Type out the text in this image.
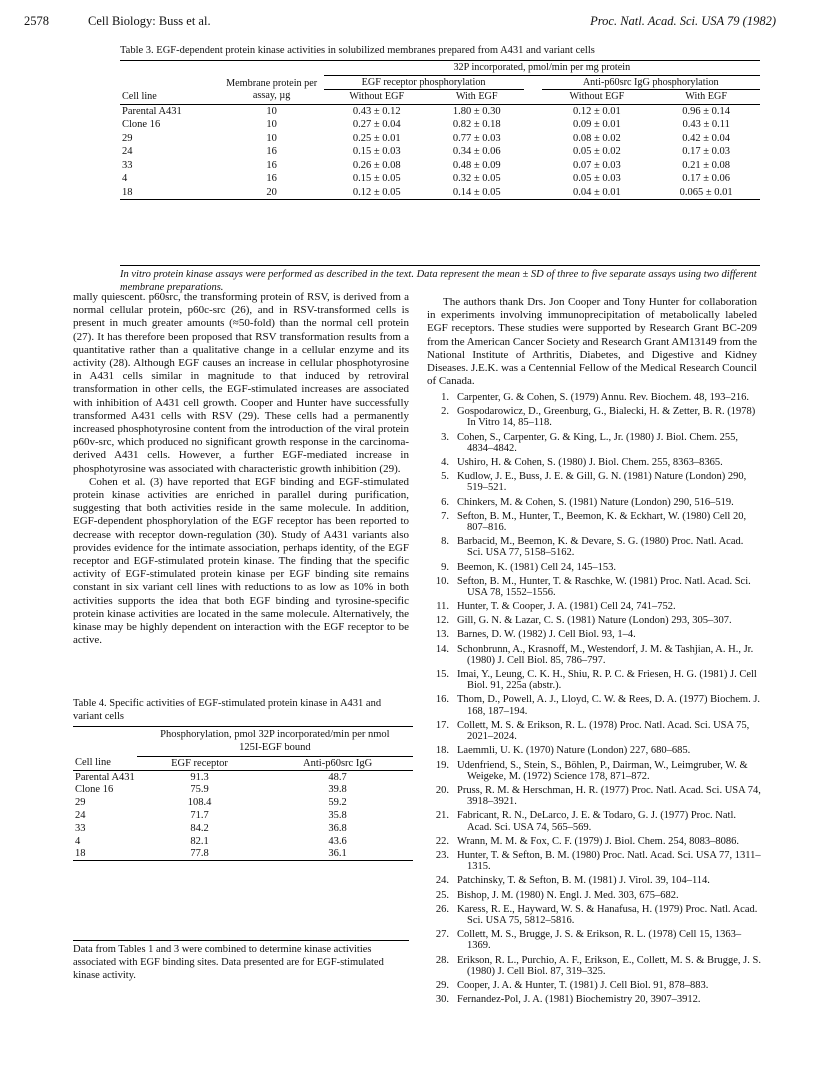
2578	Cell Biology: Buss et al.	Proc. Natl. Acad. Sci. USA 79 (1982)
Table 3. EGF-dependent protein kinase activities in solubilized membranes prepared from A431 and variant cells
Cell line	Membrane protein per assay, µg	32P incorporated, pmol/min per mg protein				
		EGF receptor phosphorylation			Anti-p60src IgG phosphorylation	
		Without EGF	With EGF		Without EGF	With EGF
Parental A431	10	0.43 ± 0.12	1.80 ± 0.30		0.12 ± 0.01	0.96 ± 0.14
Clone 16	10	0.27 ± 0.04	0.82 ± 0.18		0.09 ± 0.01	0.43 ± 0.11
29	10	0.25 ± 0.01	0.77 ± 0.03		0.08 ± 0.02	0.42 ± 0.04
24	16	0.15 ± 0.03	0.34 ± 0.06		0.05 ± 0.02	0.17 ± 0.03
33	16	0.26 ± 0.08	0.48 ± 0.09		0.07 ± 0.03	0.21 ± 0.08
4	16	0.15 ± 0.05	0.32 ± 0.05		0.05 ± 0.03	0.17 ± 0.06
18	20	0.12 ± 0.05	0.14 ± 0.05		0.04 ± 0.01	0.065 ± 0.01
In vitro protein kinase assays were performed as described in the text. Data represent the mean ± SD of three to five separate assays using two different membrane preparations.

mally quiescent. p60src, the transforming protein of RSV, is derived from a normal cellular protein, p60c-src (26), and in RSV-transformed cells is present in much greater amounts (≈50-fold) than the normal cell protein (27). It has therefore been proposed that RSV transformation results from a quantitative rather than a qualitative change in a cellular enzyme and its activity (28). Although EGF causes an increase in cellular phosphotyrosine in A431 cells similar in magnitude to that induced by retroviral transformation in other cells, the EGF-stimulated increases are associated with inhibition of A431 cell growth. Cooper and Hunter have successfully transformed A431 cells with RSV (29). These cells had a permanently increased phosphotyrosine content from the introduction of the viral protein p60v-src, which produced no significant growth response in the carcinoma-derived A431 cells. However, a further EGF-mediated increase in phosphotyrosine was associated with characteristic growth inhibition (29).

Cohen et al. (3) have reported that EGF binding and EGF-stimulated protein kinase activities are enriched in parallel during purification, suggesting that both activities reside in the same molecule. In addition, EGF-dependent phosphorylation of the EGF receptor has been reported to decrease with receptor down-regulation (30). Study of A431 variants also provides evidence for the intimate association, perhaps identity, of the EGF receptor and EGF-stimulated protein kinase. The finding that the specific activity of EGF-stimulated protein kinase per EGF binding site remains constant in six variant cell lines with reductions to as low as 10% in both activities supports the idea that both EGF binding and tyrosine-specific protein kinase activities are located in the same molecule. Alternatively, the kinase may be highly dependent on interaction with the EGF receptor to be active.

Table 4. Specific activities of EGF-stimulated protein kinase in A431 and variant cells
Cell line	Phosphorylation, pmol 32P incorporated/min per nmol 125I-EGF bound	
	EGF receptor	Anti-p60src IgG
Parental A431	91.3	48.7
Clone 16	75.9	39.8
29	108.4	59.2
24	71.7	35.8
33	84.2	36.8
4	82.1	43.6
18	77.8	36.1
Data from Tables 1 and 3 were combined to determine kinase activities associated with EGF binding sites. Data presented are for EGF-stimulated kinase activity.
The authors thank Drs. Jon Cooper and Tony Hunter for collaboration in experiments involving immunoprecipitation of metabolically labeled EGF receptors. These studies were supported by Research Grant BC-209 from the American Cancer Society and Research Grant AM13149 from the National Institute of Arthritis, Diabetes, and Digestive and Kidney Diseases. J.E.K. was a Centennial Fellow of the Medical Research Council of Canada.
1. Carpenter, G. & Cohen, S. (1979) Annu. Rev. Biochem. 48, 193–216.
2. Gospodarowicz, D., Greenburg, G., Bialecki, H. & Zetter, B. R. (1978) In Vitro 14, 85–118.
3. Cohen, S., Carpenter, G. & King, L., Jr. (1980) J. Biol. Chem. 255, 4834–4842.
4. Ushiro, H. & Cohen, S. (1980) J. Biol. Chem. 255, 8363–8365.
5. Kudlow, J. E., Buss, J. E. & Gill, G. N. (1981) Nature (London) 290, 519–521.
6. Chinkers, M. & Cohen, S. (1981) Nature (London) 290, 516–519.
7. Sefton, B. M., Hunter, T., Beemon, K. & Eckhart, W. (1980) Cell 20, 807–816.
8. Barbacid, M., Beemon, K. & Devare, S. G. (1980) Proc. Natl. Acad. Sci. USA 77, 5158–5162.
9. Beemon, K. (1981) Cell 24, 145–153.
10. Sefton, B. M., Hunter, T. & Raschke, W. (1981) Proc. Natl. Acad. Sci. USA 78, 1552–1556.
11. Hunter, T. & Cooper, J. A. (1981) Cell 24, 741–752.
12. Gill, G. N. & Lazar, C. S. (1981) Nature (London) 293, 305–307.
13. Barnes, D. W. (1982) J. Cell Biol. 93, 1–4.
14. Schonbrunn, A., Krasnoff, M., Westendorf, J. M. & Tashjian, A. H., Jr. (1980) J. Cell Biol. 85, 786–797.
15. Imai, Y., Leung, C. K. H., Shiu, R. P. C. & Friesen, H. G. (1981) J. Cell Biol. 91, 225a (abstr.).
16. Thom, D., Powell, A. J., Lloyd, C. W. & Rees, D. A. (1977) Biochem. J. 168, 187–194.
17. Collett, M. S. & Erikson, R. L. (1978) Proc. Natl. Acad. Sci. USA 75, 2021–2024.
18. Laemmli, U. K. (1970) Nature (London) 227, 680–685.
19. Udenfriend, S., Stein, S., Böhlen, P., Dairman, W., Leimgruber, W. & Weigeke, M. (1972) Science 178, 871–872.
20. Pruss, R. M. & Herschman, H. R. (1977) Proc. Natl. Acad. Sci. USA 74, 3918–3921.
21. Fabricant, R. N., DeLarco, J. E. & Todaro, G. J. (1977) Proc. Natl. Acad. Sci. USA 74, 565–569.
22. Wrann, M. M. & Fox, C. F. (1979) J. Biol. Chem. 254, 8083–8086.
23. Hunter, T. & Sefton, B. M. (1980) Proc. Natl. Acad. Sci. USA 77, 1311–1315.
24. Patchinsky, T. & Sefton, B. M. (1981) J. Virol. 39, 104–114.
25. Bishop, J. M. (1980) N. Engl. J. Med. 303, 675–682.
26. Karess, R. E., Hayward, W. S. & Hanafusa, H. (1979) Proc. Natl. Acad. Sci. USA 75, 5812–5816.
27. Collett, M. S., Brugge, J. S. & Erikson, R. L. (1978) Cell 15, 1363–1369.
28. Erikson, R. L., Purchio, A. F., Erikson, E., Collett, M. S. & Brugge, J. S. (1980) J. Cell Biol. 87, 319–325.
29. Cooper, J. A. & Hunter, T. (1981) J. Cell Biol. 91, 878–883.
30. Fernandez-Pol, J. A. (1981) Biochemistry 20, 3907–3912.
